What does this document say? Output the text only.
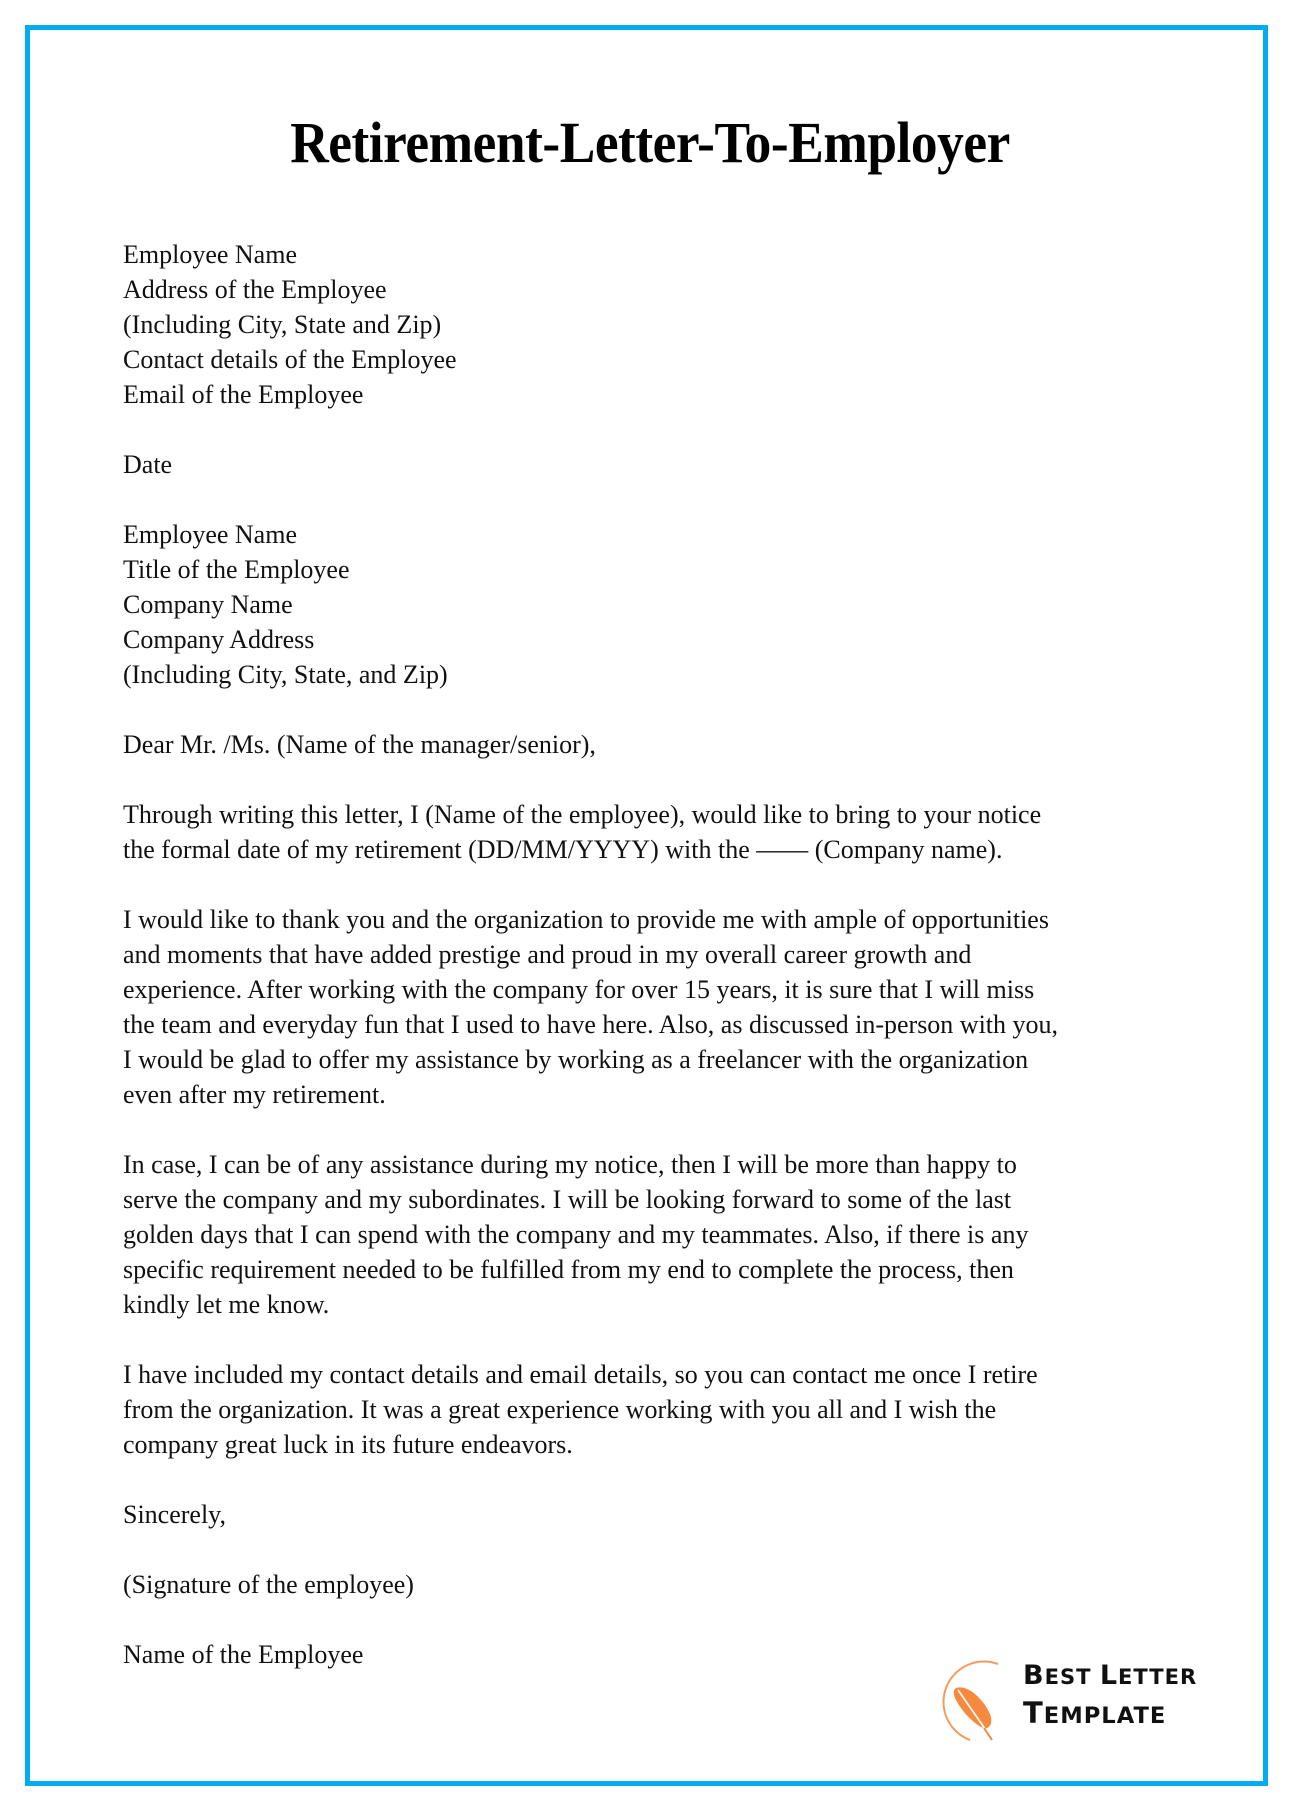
Retirement-Letter-To-Employer
Employee Name
Address of the Employee
(Including City, State and Zip)
Contact details of the Employee
Email of the Employee
Date
Employee Name
Title of the Employee
Company Name
Company Address
(Including City, State, and Zip)
Dear Mr. /Ms. (Name of the manager/senior),
Through writing this letter, I (Name of the employee), would like to bring to your notice
the formal date of my retirement (DD/MM/YYYY) with the —— (Company name).
I would like to thank you and the organization to provide me with ample of opportunities
and moments that have added prestige and proud in my overall career growth and
experience. After working with the company for over 15 years, it is sure that I will miss
the team and everyday fun that I used to have here. Also, as discussed in-person with you,
I would be glad to offer my assistance by working as a freelancer with the organization
even after my retirement.
In case, I can be of any assistance during my notice, then I will be more than happy to
serve the company and my subordinates. I will be looking forward to some of the last
golden days that I can spend with the company and my teammates. Also, if there is any
specific requirement needed to be fulfilled from my end to complete the process, then
kindly let me know.
I have included my contact details and email details, so you can contact me once I retire
from the organization. It was a great experience working with you all and I wish the
company great luck in its future endeavors.
Sincerely,
(Signature of the employee)
Name of the Employee
BEST LETTER
TEMPLATE
